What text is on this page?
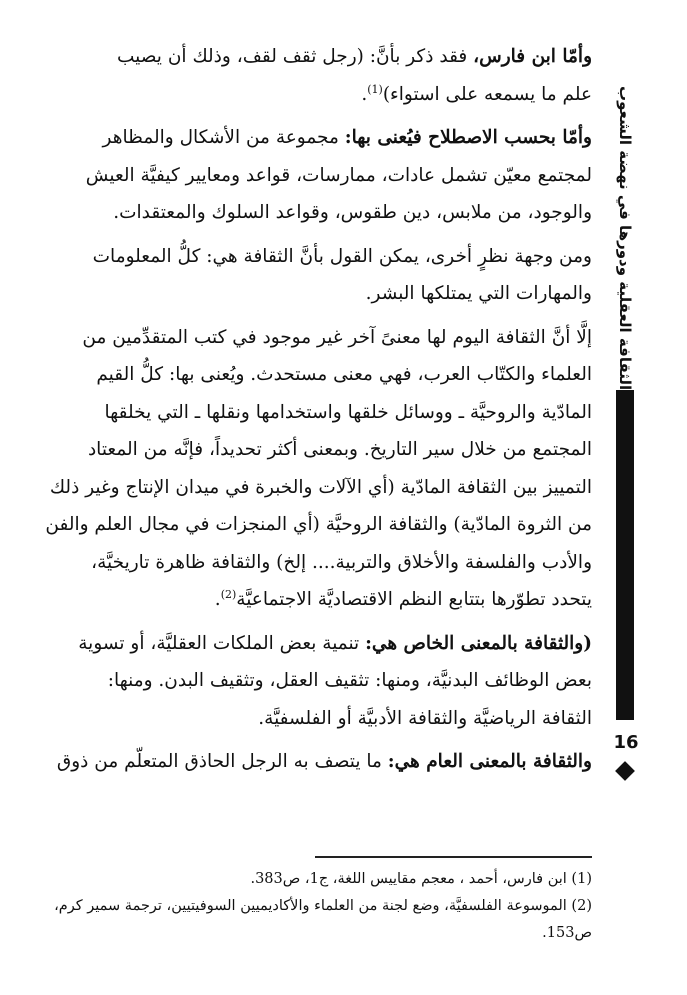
وأمّا ابن فارس، فقد ذكر بأنَّ: (رجل ثقف لقف، وذلك أن يصيب
علم ما يسمعه على استواء)$^{(1)}$.
وأمّا بحسب الاصطلاح فيُعنى بها: مجموعة من الأشكال والمظاهر
لمجتمع معيّن تشمل عادات، ممارسات، قواعد ومعايير كيفيَّة العيش
والوجود، من ملابس، دين طقوس، وقواعد السلوك والمعتقدات.
ومن وجهة نظرٍ أخرى، يمكن القول بأنَّ الثقافة هي: كلُّ المعلومات
والمهارات التي يمتلكها البشر.
إلَّا أنَّ الثقافة اليوم لها معنىً آخر غير موجود في كتب المتقدِّمين من
العلماء والكتّاب العرب، فهي معنى مستحدث. ويُعنى بها: كلُّ القيم
المادّية والروحيَّة ـ ووسائل خلقها واستخدامها ونقلها ـ التي يخلقها
المجتمع من خلال سير التاريخ. وبمعنى أكثر تحديداً، فإنَّه من المعتاد
التمييز بين الثقافة المادّية (أي الآلات والخبرة في ميدان الإنتاج وغير ذلك
من الثروة المادّية) والثقافة الروحيَّة (أي المنجزات في مجال العلم والفن
والأدب والفلسفة والأخلاق والتربية.... إلخ) والثقافة ظاهرة تاريخيَّة،
يتحدد تطوّرها بتتابع النظم الاقتصاديَّة الاجتماعيَّة$^{(2)}$.
(والثقافة بالمعنى الخاص هي: تنمية بعض الملكات العقليَّة، أو تسوية
بعض الوظائف البدنيَّة، ومنها: تثقيف العقل، وتثقيف البدن. ومنها:
الثقافة الرياضيَّة والثقافة الأدبيَّة أو الفلسفيَّة.
والثقافة بالمعنى العام هي: ما يتصف به الرجل الحاذق المتعلّم من ذوق
الثقافة العقلية ودورها في نهضة الشعوب
16
(1) ابن فارس، أحمد ، معجم مقاييس اللغة، ج1، ص383.
(2) الموسوعة الفلسفيَّة، وضع لجنة من العلماء والأكاديميين السوفيتيين، ترجمة سمير كرم،
ص153.
